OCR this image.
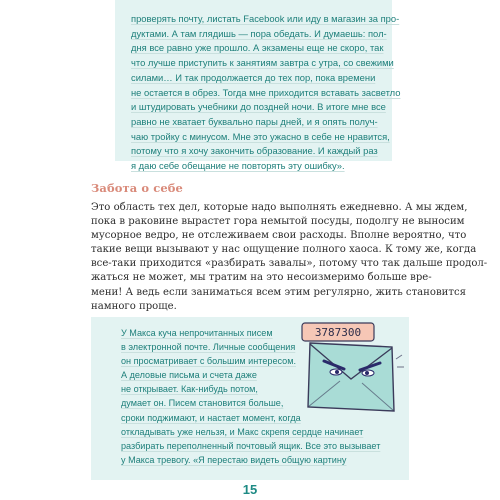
проверять почту, листать Facebook или иду в магазин за про-
дуктами. А там глядишь — пора обедать. И думаешь: пол-
дня все равно уже прошло. А экзамены еще не скоро, так
что лучше приступить к занятиям завтра с утра, со свежими
силами… И так продолжается до тех пор, пока времени
не остается в обрез. Тогда мне приходится вставать засветло
и штудировать учебники до поздней ночи. В итоге мне все
равно не хватает буквально пары дней, и я опять получ-
чаю тройку с минусом. Мне это ужасно в себе не нравится,
потому что я хочу закончить образование. И каждый раз
я даю себе обещание не повторять эту ошибку».
Забота о себе
Это область тех дел, которые надо выполнять ежедневно. А мы ждем,
пока в раковине вырастет гора немытой посуды, подолгу не выносим
мусорное ведро, не отслеживаем свои расходы. Вполне вероятно, что
такие вещи вызывают у нас ощущение полного хаоса. К тому же, когда
все-таки приходится «разбирать завалы», потому что так дальше продол-
жаться не может, мы тратим на это несоизмеримо больше вре-
мени! А ведь если заниматься всем этим регулярно, жить становится
намного проще.
У Макса куча непрочитанных писем
в электронной почте. Личные сообщения
он просматривает с большим интересом.
А деловые письма и счета даже
не открывает. Как-нибудь потом,
думает он. Писем становится больше,
сроки поджимают, и настает момент, когда
откладывать уже нельзя, и Макс скрепя сердце начинает
разбирать переполненный почтовый ящик. Все это вызывает
у Макса тревогу. «Я перестаю видеть общую картину
3787300
15
